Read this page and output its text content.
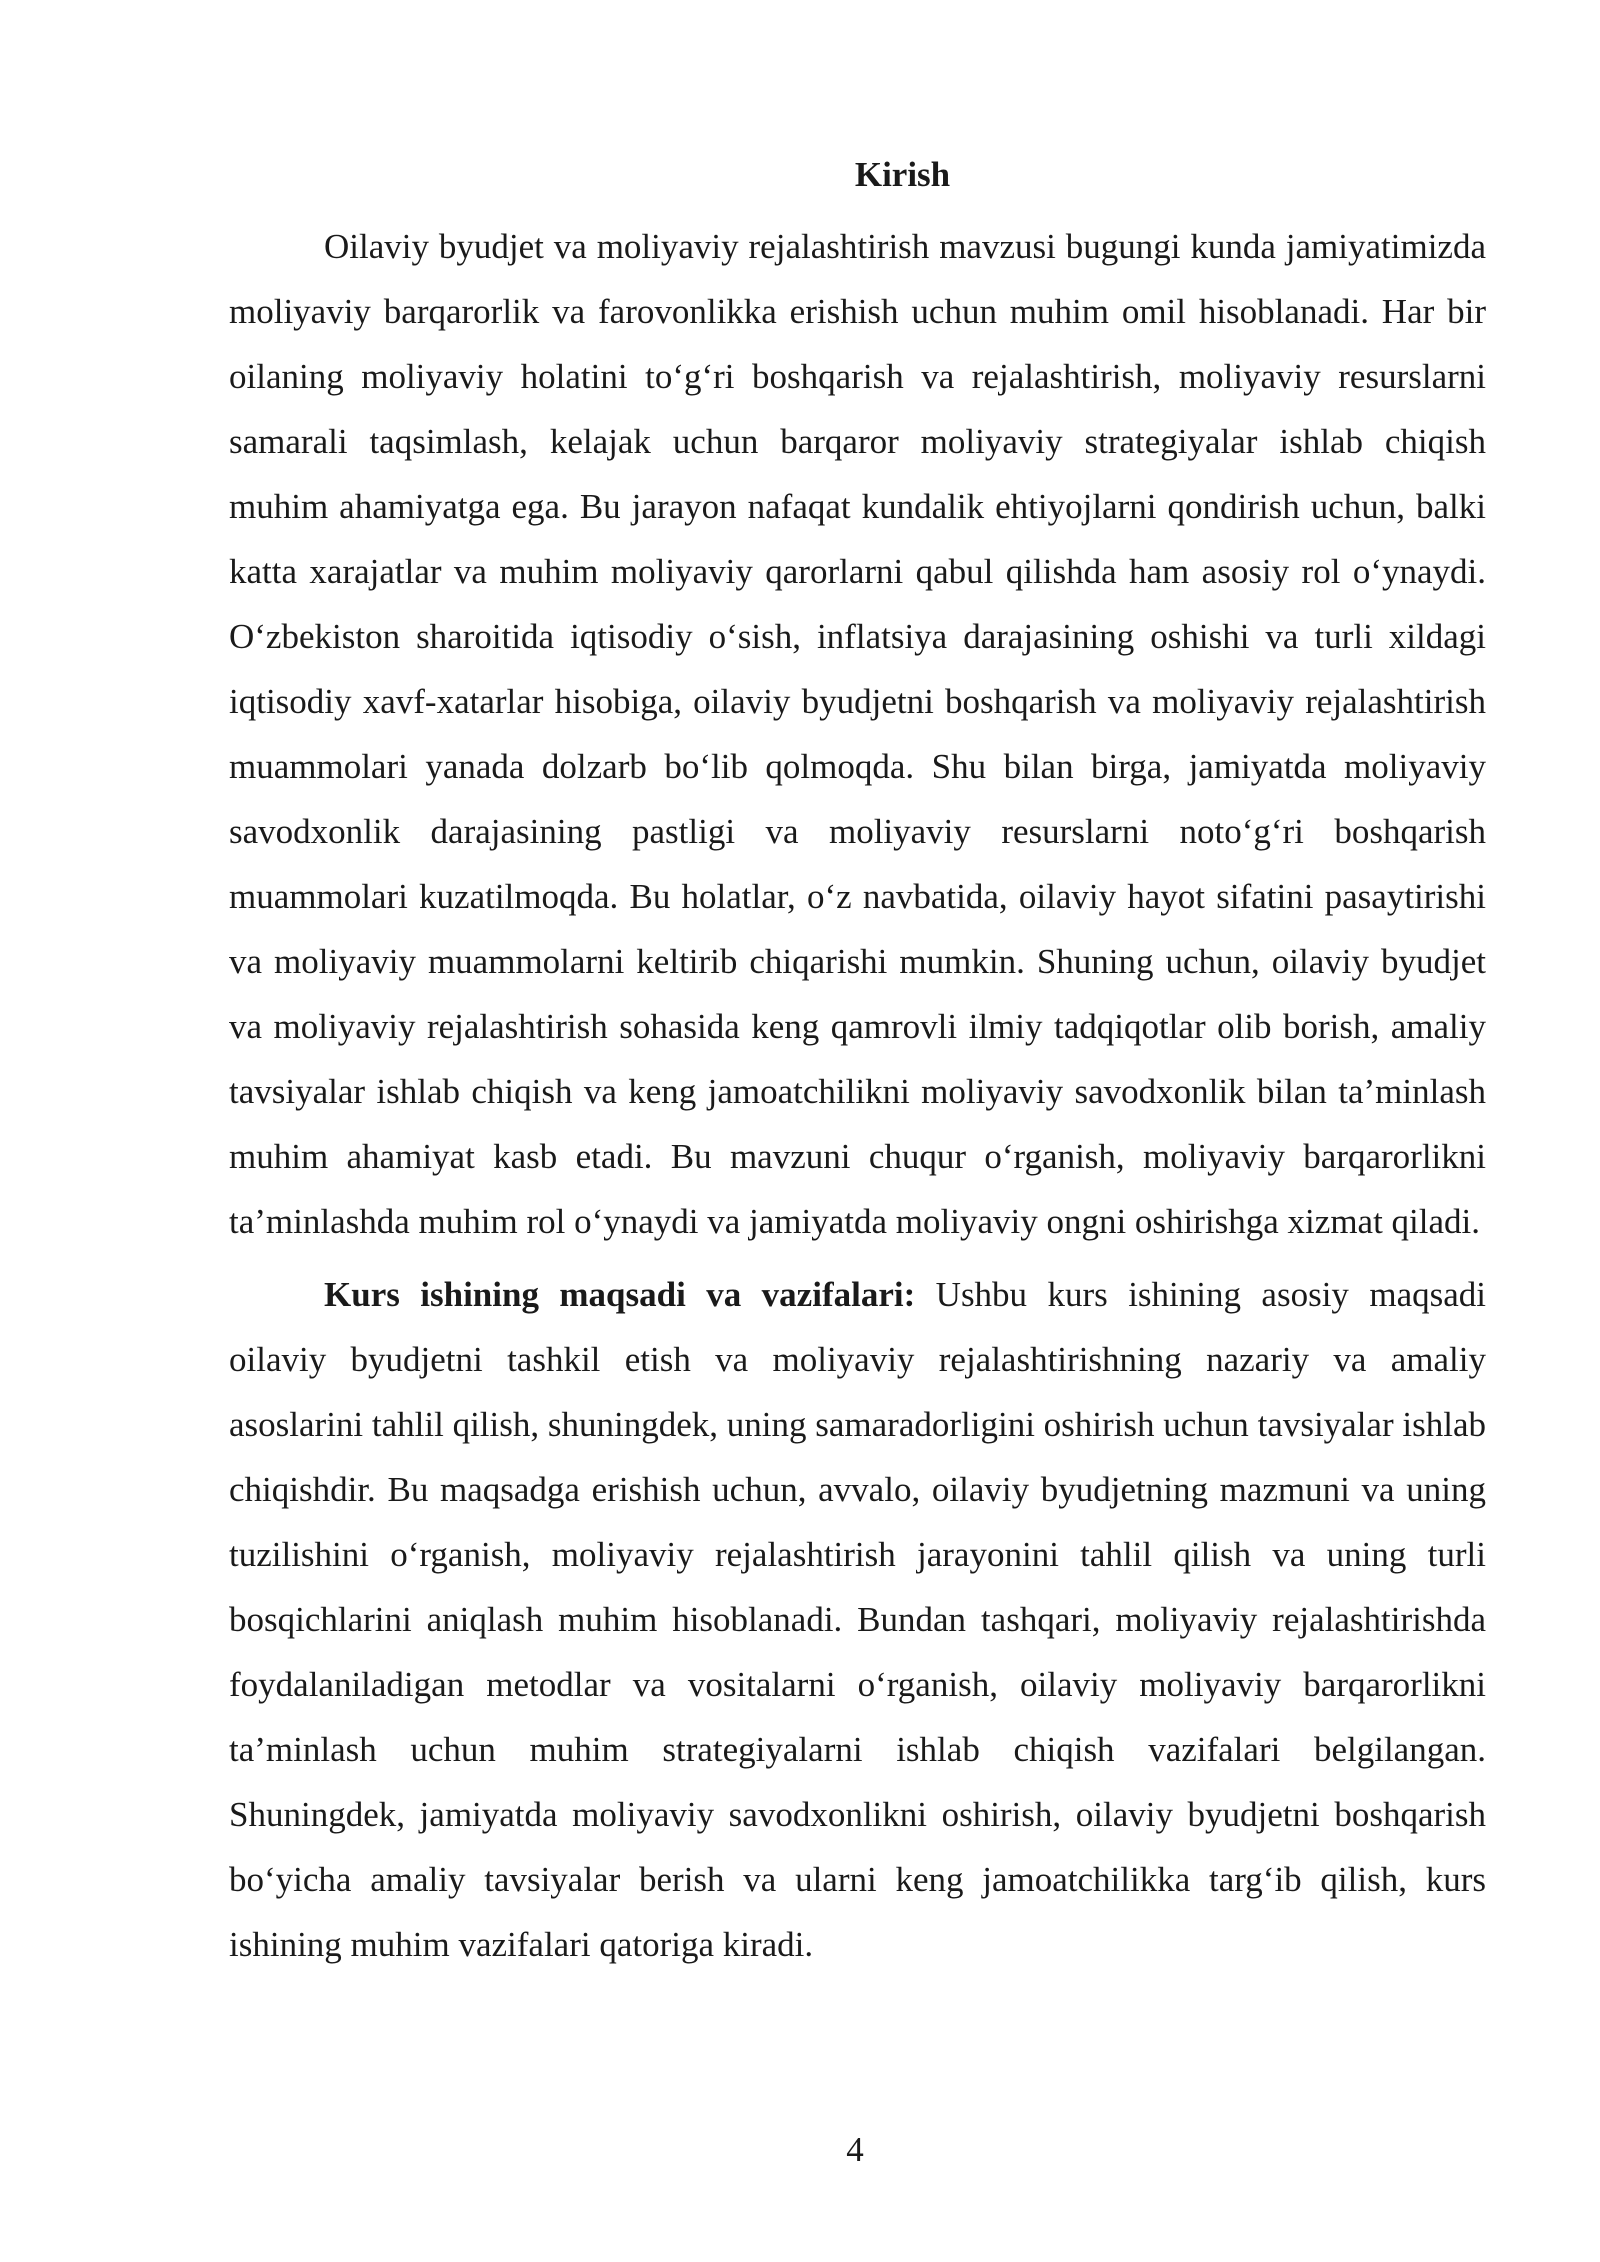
Kirish

Oilaviy byudjet va moliyaviy rejalashtirish mavzusi bugungi kunda jamiyatimizda moliyaviy barqarorlik va farovonlikka erishish uchun muhim omil hisoblanadi. Har bir oilaning moliyaviy holatini to‘g‘ri boshqarish va rejalashtirish, moliyaviy resurslarni samarali taqsimlash, kelajak uchun barqaror moliyaviy strategiyalar ishlab chiqish muhim ahamiyatga ega. Bu jarayon nafaqat kundalik ehtiyojlarni qondirish uchun, balki katta xarajatlar va muhim moliyaviy qarorlarni qabul qilishda ham asosiy rol o‘ynaydi. O‘zbekiston sharoitida iqtisodiy o‘sish, inflatsiya darajasining oshishi va turli xildagi iqtisodiy xavf-xatarlar hisobiga, oilaviy byudjetni boshqarish va moliyaviy rejalashtirish muammolari yanada dolzarb bo‘lib qolmoqda. Shu bilan birga, jamiyatda moliyaviy savodxonlik darajasining pastligi va moliyaviy resurslarni noto‘g‘ri boshqarish muammolari kuzatilmoqda. Bu holatlar, o‘z navbatida, oilaviy hayot sifatini pasaytirishi va moliyaviy muammolarni keltirib chiqarishi mumkin. Shuning uchun, oilaviy byudjet va moliyaviy rejalashtirish sohasida keng qamrovli ilmiy tadqiqotlar olib borish, amaliy tavsiyalar ishlab chiqish va keng jamoatchilikni moliyaviy savodxonlik bilan ta’minlash muhim ahamiyat kasb etadi. Bu mavzuni chuqur o‘rganish, moliyaviy barqarorlikni ta’minlashda muhim rol o‘ynaydi va jamiyatda moliyaviy ongni oshirishga xizmat qiladi.

Kurs ishining maqsadi va vazifalari: Ushbu kurs ishining asosiy maqsadi oilaviy byudjetni tashkil etish va moliyaviy rejalashtirishning nazariy va amaliy asoslarini tahlil qilish, shuningdek, uning samaradorligini oshirish uchun tavsiyalar ishlab chiqishdir. Bu maqsadga erishish uchun, avvalo, oilaviy byudjetning mazmuni va uning tuzilishini o‘rganish, moliyaviy rejalashtirish jarayonini tahlil qilish va uning turli bosqichlarini aniqlash muhim hisoblanadi. Bundan tashqari, moliyaviy rejalashtirishda foydalaniladigan metodlar va vositalarni o‘rganish, oilaviy moliyaviy barqarorlikni ta’minlash uchun muhim strategiyalarni ishlab chiqish vazifalari belgilangan. Shuningdek, jamiyatda moliyaviy savodxonlikni oshirish, oilaviy byudjetni boshqarish bo‘yicha amaliy tavsiyalar berish va ularni keng jamoatchilikka targ‘ib qilish, kurs ishining muhim vazifalari qatoriga kiradi.

4
